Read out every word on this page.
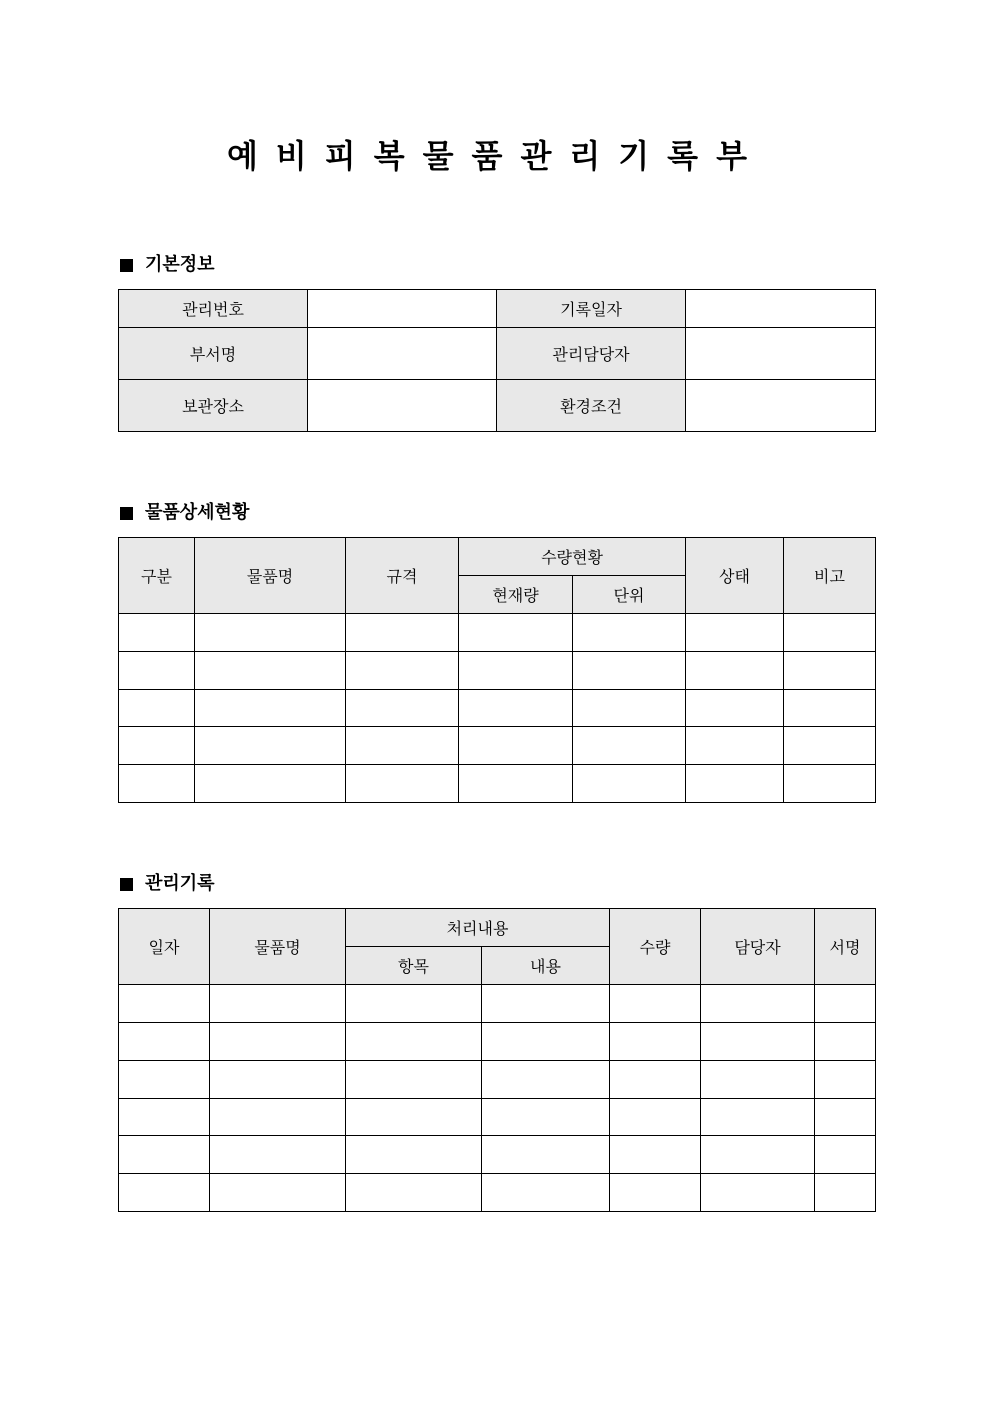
예비피복물품관리기록부
기본정보
관리번호		기록일자	
부서명		관리담당자	
보관장소		환경조건	
물품상세현황
구분	물품명	규격	수량현황		상태	비고
			현재량	단위		

관리기록
일자	물품명	처리내용		수량	담당자	서명
		항목	내용			
